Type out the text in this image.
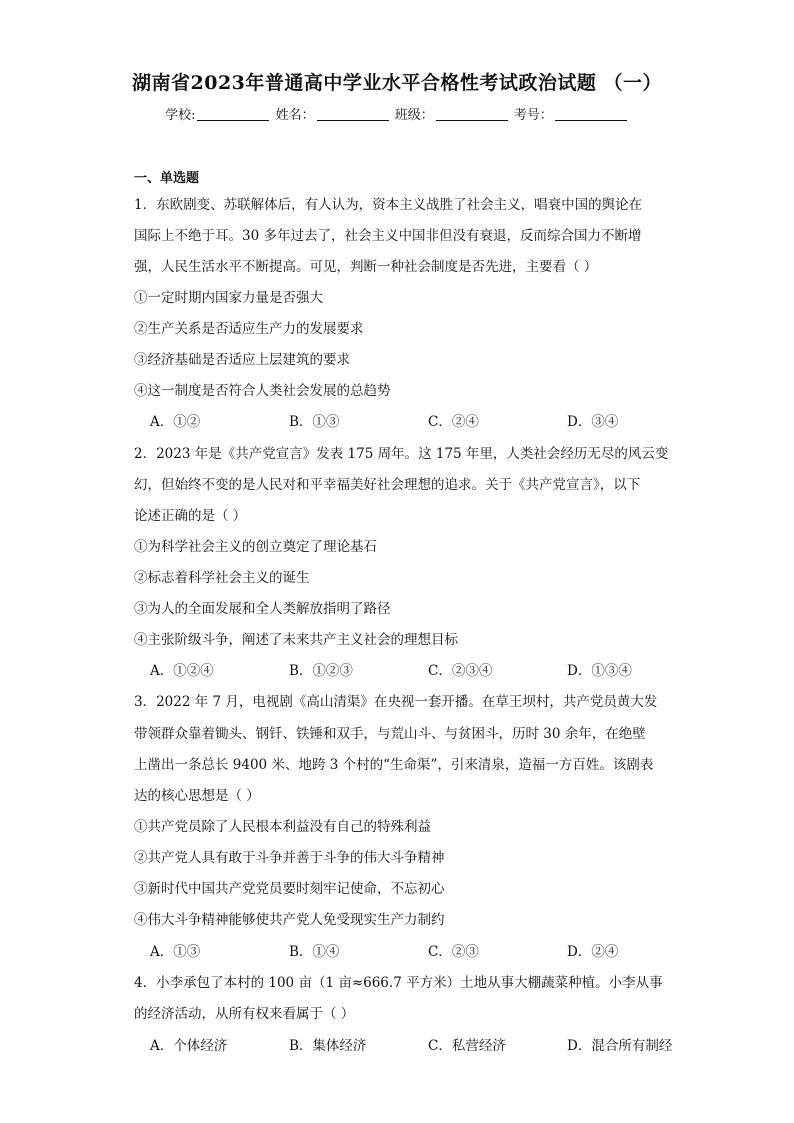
湖南省2023年普通高中学业水平合格性考试政治试题 （一）
学校:	姓名：	班级：	考号：
一、单选题
1．东欧剧变、苏联解体后，有人认为，资本主义战胜了社会主义，唱衰中国的舆论在
国际上不绝于耳。30 多年过去了，社会主义中国非但没有衰退，反而综合国力不断增
强，人民生活水平不断提高。可见，判断一种社会制度是否先进，主要看（ ）
①一定时期内国家力量是否强大
②生产关系是否适应生产力的发展要求
③经济基础是否适应上层建筑的要求
④这一制度是否符合人类社会发展的总趋势
A．①②	B．①③	C．②④	D．③④
2．2023 年是《共产党宣言》发表 175 周年。这 175 年里，人类社会经历无尽的风云变
幻，但始终不变的是人民对和平幸福美好社会理想的追求。关于《共产党宣言》，以下
论述正确的是（ ）
①为科学社会主义的创立奠定了理论基石
②标志着科学社会主义的诞生
③为人的全面发展和全人类解放指明了路径
④主张阶级斗争，阐述了未来共产主义社会的理想目标
A．①②④	B．①②③	C．②③④	D．①③④
3．2022 年 7 月，电视剧《高山清渠》在央视一套开播。在草王坝村，共产党员黄大发
带领群众靠着锄头、钢钎、铁锤和双手，与荒山斗、与贫困斗，历时 30 余年，在绝壁
上凿出一条总长 9400 米、地跨 3 个村的“生命渠”，引来清泉，造福一方百姓。该剧表
达的核心思想是（ ）
①共产党员除了人民根本利益没有自己的特殊利益
②共产党人具有敢于斗争并善于斗争的伟大斗争精神
③新时代中国共产党党员要时刻牢记使命，不忘初心
④伟大斗争精神能够使共产党人免受现实生产力制约
A．①③	B．①④	C．②③	D．②④
4．小李承包了本村的 100 亩（1 亩≈666.7 平方米）土地从事大棚蔬菜种植。小李从事
的经济活动，从所有权来看属于（ ）
A．个体经济	B．集体经济	C．私营经济	D．混合所有制经
